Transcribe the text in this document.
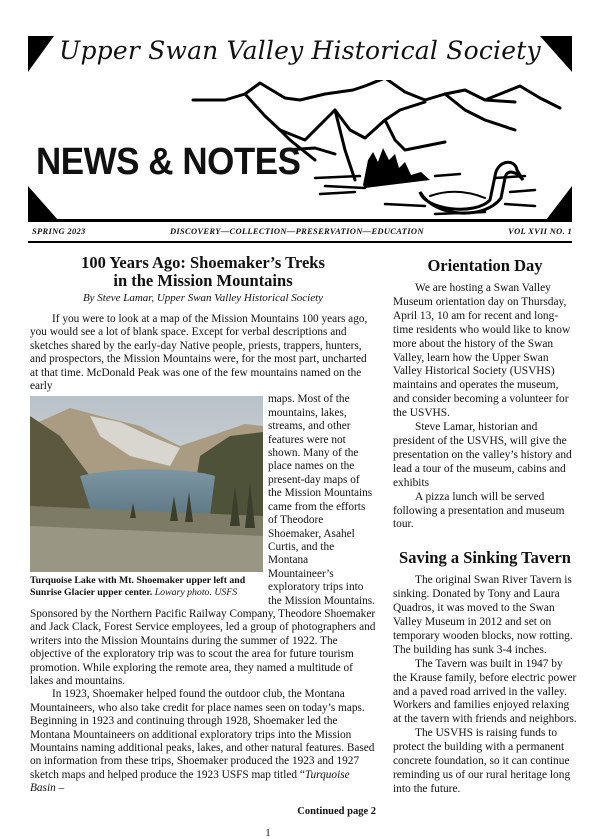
Upper Swan Valley Historical Society
NEWS & NOTES
SPRING 2023	DISCOVERY—COLLECTION—PRESERVATION—EDUCATION	VOL XVII NO. 1
100 Years Ago: Shoemaker’s Treks
in the Mission Mountains
By Steve Lamar, Upper Swan Valley Historical Society

If you were to look at a map of the Mission Mountains 100 years ago, you would see a lot of blank space. Except for verbal descriptions and sketches shared by the early-day Native people, priests, trappers, hunters, and prospectors, the Mission Mountains were, for the most part, uncharted at that time. McDonald Peak was one of the few mountains named on the early

Turquoise Lake with Mt. Shoemaker upper left and Sunrise Glacier upper center. Lowary photo. USFS

maps. Most of the mountains, lakes, streams, and other features were not shown. Many of the place names on the present-day maps of the Mission Mountains came from the efforts of Theodore Shoemaker, Asahel Curtis, and the Montana Mountaineer’s exploratory trips into the Mission Mountains. Sponsored by the Northern Pacific Railway Company, Theodore Shoemaker and Jack Clack, Forest Service employees, led a group of photographers and writers into the Mission Mountains during the summer of 1922. The objective of the exploratory trip was to scout the area for future tourism promotion. While exploring the remote area, they named a multitude of lakes and mountains.

In 1923, Shoemaker helped found the outdoor club, the Montana Mountaineers, who also take credit for place names seen on today’s maps. Beginning in 1923 and continuing through 1928, Shoemaker led the Montana Mountaineers on additional exploratory trips into the Mission Mountains naming additional peaks, lakes, and other natural features. Based on information from these trips, Shoemaker produced the 1923 and 1927 sketch maps and helped produce the 1923 USFS map titled “Turquoise Basin –

Continued page 2
1
Orientation Day

We are hosting a Swan Valley Museum orientation day on Thursday, April 13, 10 am for recent and long-time residents who would like to know more about the history of the Swan Valley, learn how the Upper Swan Valley Historical Society (USVHS) maintains and operates the museum, and consider becoming a volunteer for the USVHS.

Steve Lamar, historian and president of the USVHS, will give the presentation on the valley’s history and lead a tour of the museum, cabins and exhibits

A pizza lunch will be served following a presentation and museum tour.

Saving a Sinking Tavern

The original Swan River Tavern is sinking. Donated by Tony and Laura Quadros, it was moved to the Swan Valley Museum in 2012 and set on temporary wooden blocks, now rotting. The building has sunk 3-4 inches.

The Tavern was built in 1947 by the Krause family, before electric power and a paved road arrived in the valley. Workers and families enjoyed relaxing at the tavern with friends and neighbors.

The USVHS is raising funds to protect the building with a permanent concrete foundation, so it can continue reminding us of our rural heritage long into the future.
